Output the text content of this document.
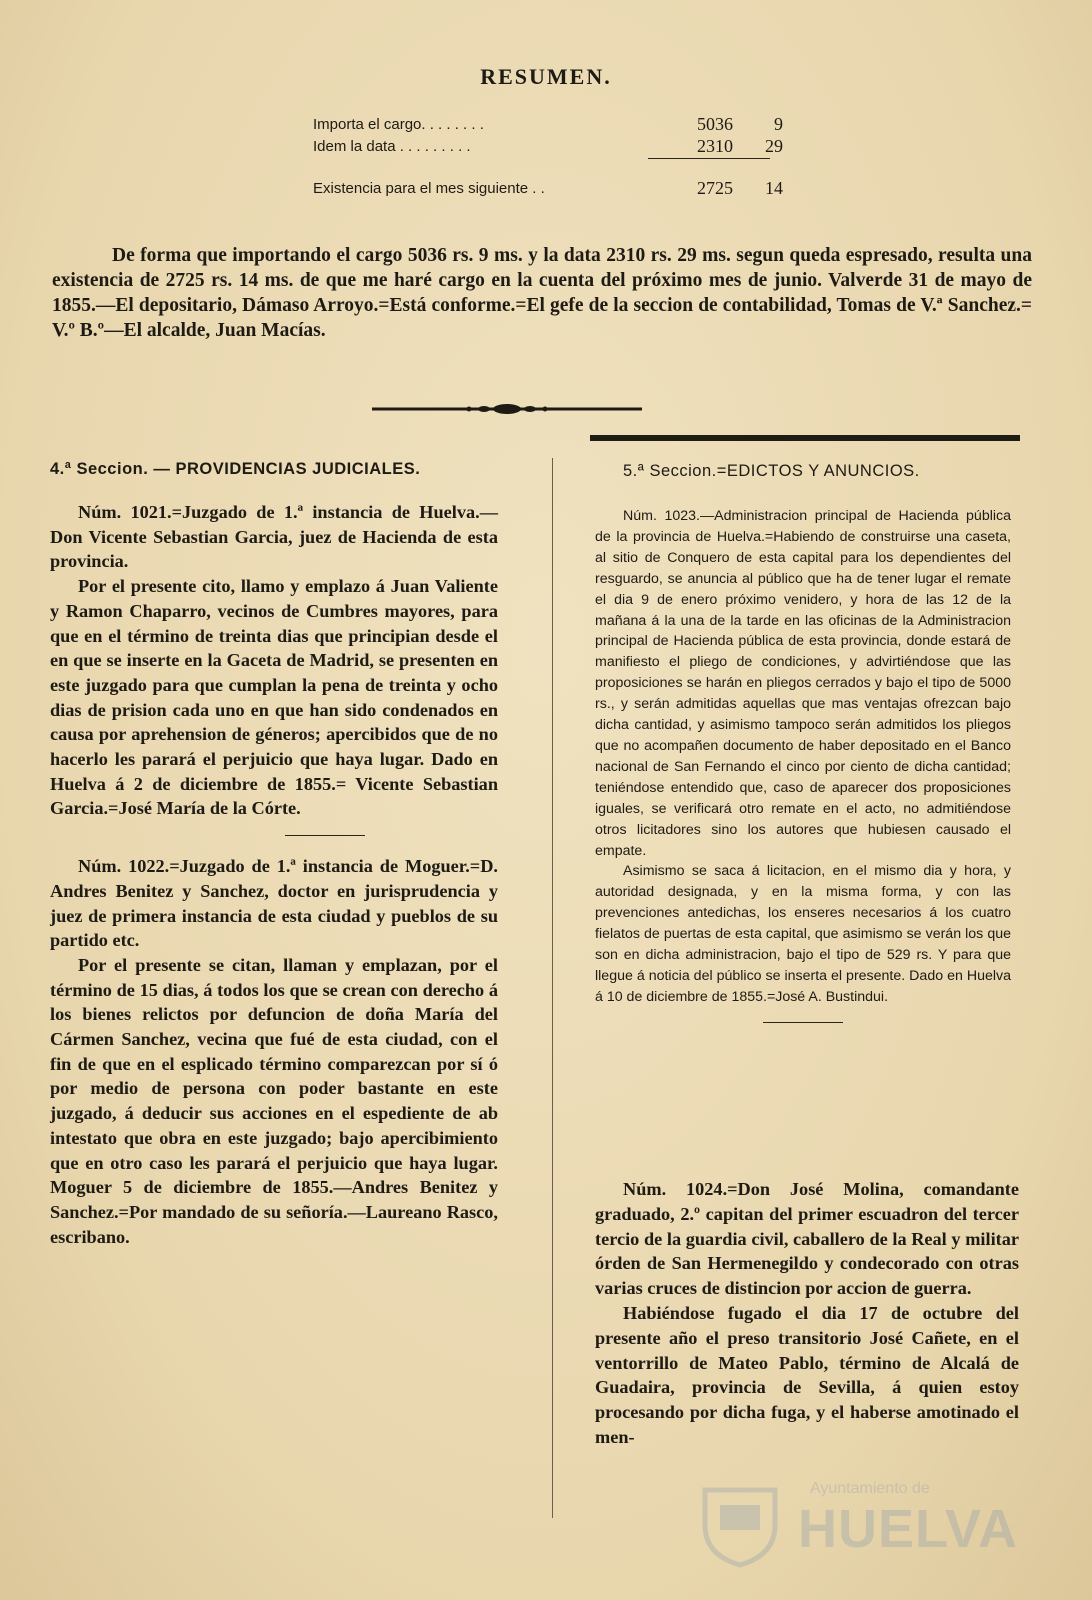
RESUMEN.
Importa el cargo. . . . . . . .	5036	9
Idem la data . . . . . . . . .	2310	29
Existencia para el mes siguiente . .	2725	14
De forma que importando el cargo 5036 rs. 9 ms. y la data 2310 rs. 29 ms. segun queda espresado, resulta una existencia de 2725 rs. 14 ms. de que me haré cargo en la cuenta del próximo mes de junio. Valverde 31 de mayo de 1855.—El depositario, Dámaso Arroyo.=Está conforme.=El gefe de la seccion de contabilidad, Tomas de V.ª Sanchez.= V.º B.º—El alcalde, Juan Macías.
4.ª Seccion. — PROVIDENCIAS JUDICIALES.	5.ª Seccion.=EDICTOS Y ANUNCIOS.

Núm. 1021.=Juzgado de 1.ª instancia de Huelva.—Don Vicente Sebastian Garcia, juez de Hacienda de esta provincia.

Por el presente cito, llamo y emplazo á Juan Valiente y Ramon Chaparro, vecinos de Cumbres mayores, para que en el término de treinta dias que principian desde el en que se inserte en la Gaceta de Madrid, se presenten en este juzgado para que cumplan la pena de treinta y ocho dias de prision cada uno en que han sido condenados en causa por aprehension de géneros; apercibidos que de no hacerlo les parará el perjuicio que haya lugar. Dado en Huelva á 2 de diciembre de 1855.= Vicente Sebastian Garcia.=José María de la Córte.

Núm. 1022.=Juzgado de 1.ª instancia de Moguer.=D. Andres Benitez y Sanchez, doctor en jurisprudencia y juez de primera instancia de esta ciudad y pueblos de su partido etc.

Por el presente se citan, llaman y emplazan, por el término de 15 dias, á todos los que se crean con derecho á los bienes relictos por defuncion de doña María del Cármen Sanchez, vecina que fué de esta ciudad, con el fin de que en el esplicado término comparezcan por sí ó por medio de persona con poder bastante en este juzgado, á deducir sus acciones en el espediente de ab intestato que obra en este juzgado; bajo apercibimiento que en otro caso les parará el perjuicio que haya lugar. Moguer 5 de diciembre de 1855.—Andres Benitez y Sanchez.=Por mandado de su señoría.—Laureano Rasco, escribano.

Núm. 1023.—Administracion principal de Hacienda pública de la provincia de Huelva.=Habiendo de construirse una caseta, al sitio de Conquero de esta capital para los dependientes del resguardo, se anuncia al público que ha de tener lugar el remate el dia 9 de enero próximo venidero, y hora de las 12 de la mañana á la una de la tarde en las oficinas de la Administracion principal de Hacienda pública de esta provincia, donde estará de manifiesto el pliego de condiciones, y advirtiéndose que las proposiciones se harán en pliegos cerrados y bajo el tipo de 5000 rs., y serán admitidas aquellas que mas ventajas ofrezcan bajo dicha cantidad, y asimismo tampoco serán admitidos los pliegos que no acompañen documento de haber depositado en el Banco nacional de San Fernando el cinco por ciento de dicha cantidad; teniéndose entendido que, caso de aparecer dos proposiciones iguales, se verificará otro remate en el acto, no admitiéndose otros licitadores sino los autores que hubiesen causado el empate.

Asimismo se saca á licitacion, en el mismo dia y hora, y autoridad designada, y en la misma forma, y con las prevenciones antedichas, los enseres necesarios á los cuatro fielatos de puertas de esta capital, que asimismo se verán los que son en dicha administracion, bajo el tipo de 529 rs. Y para que llegue á noticia del público se inserta el presente. Dado en Huelva á 10 de diciembre de 1855.=José A. Bustindui.

Núm. 1024.=Don José Molina, comandante graduado, 2.º capitan del primer escuadron del tercer tercio de la guardia civil, caballero de la Real y militar órden de San Hermenegildo y condecorado con otras varias cruces de distincion por accion de guerra.

Habiéndose fugado el dia 17 de octubre del presente año el preso transitorio José Cañete, en el ventorrillo de Mateo Pablo, término de Alcalá de Guadaira, provincia de Sevilla, á quien estoy procesando por dicha fuga, y el haberse amotinado el men-

Ayuntamiento de
HUELVA
